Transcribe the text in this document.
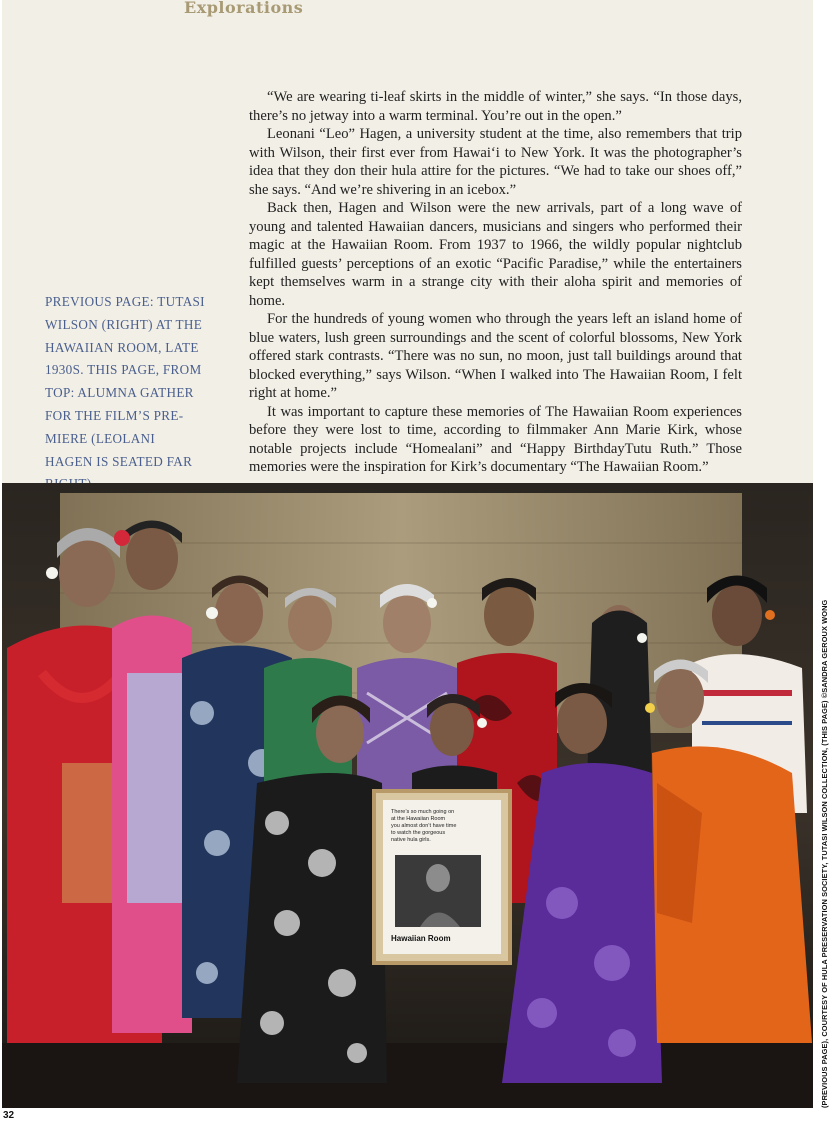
Explorations
PREVIOUS PAGE: TUTASI WILSON (RIGHT) AT THE HAWAIIAN ROOM, LATE 1930S. THIS PAGE, FROM TOP: ALUMNA GATHER FOR THE FILM’S PRE-MIERE (LEOLANI HAGEN IS SEATED FAR

“We are wearing ti-leaf skirts in the middle of winter,” she says. “In those days, there’s no jetway into a warm terminal. You’re out in the open.”

Leonani “Leo” Hagen, a university student at the time, also remembers that trip with Wilson, their first ever from Hawai‘i to New York. It was the photographer’s idea that they don their hula attire for the pictures. “We had to take our shoes off,” she says. “And we’re shivering in an icebox.”

Back then, Hagen and Wilson were the new arrivals, part of a long wave of young and talented Hawaiian dancers, musicians and singers who performed their magic at the Hawaiian Room. From 1937 to 1966, the wildly popular nightclub fulfilled guests’ perceptions of an exotic “Pacific Paradise,” while the entertainers kept themselves warm in a strange city with their aloha spirit and memories of home.

For the hundreds of young women who through the years left an island home of blue waters, lush green surroundings and the scent of colorful blossoms, New York offered stark contrasts. “There was no sun, no moon, just tall buildings around that blocked everything,” says Wilson. “When I walked into The Hawaiian Room, I felt right at home.”

It was important to capture these memories of The Hawaiian Room experiences before they were lost to time, according to filmmaker Ann Marie Kirk, whose notable projects include “Homealani” and “Happy BirthdayTutu Ruth.” Those memories were the inspiration for Kirk’s documentary “The Hawaiian Room.”

There’s so much going on
at the Hawaiian Room
you almost don’t have time
to watch the gorgeous
native hula girls.
Hawaiian Room	(PREVIOUS PAGE), COURTESY OF HULA PRESERVATION SOCIETY, TUTASI WILSON COLLECTION, (THIS PAGE) ©SANDRA GEROUX WONG
32
